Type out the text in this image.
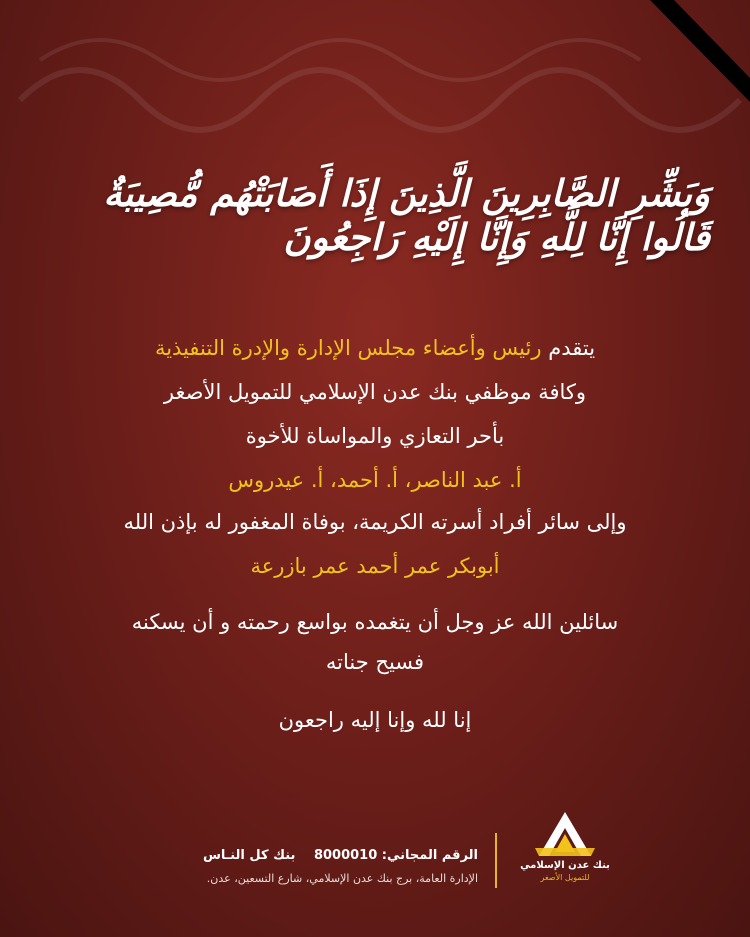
وَبَشِّرِ الصَّابِرِينَ الَّذِينَ إِذَا أَصَابَتْهُم مُّصِيبَةٌ قَالُوا إِنَّا لِلَّهِ وَإِنَّا إِلَيْهِ رَاجِعُونَ

يتقدم رئيس وأعضاء مجلس الإدارة والإدرة التنفيذية

وكافة موظفي بنك عدن الإسلامي للتمويل الأصغر

بأحر التعازي والمواساة للأخوة

أ. عبد الناصر، أ. أحمد، أ. عيدروس

وإلى سائر أفراد أسرته الكريمة، بوفاة المغفور له بإذن الله

أبوبكر عمر أحمد عمر بازرعة

سائلين الله عز وجل أن يتغمده بواسع رحمته و أن يسكنه

فسيح جناته

إنا لله وإنا إليه راجعون

الرقم المجاني: 8000010 بنك كل النـاس
الإدارة العامة، برج بنك عدن الإسلامي، شارع التسعين، عدن.
بنك عدن الإسلامي
للتمويل الأصغر
